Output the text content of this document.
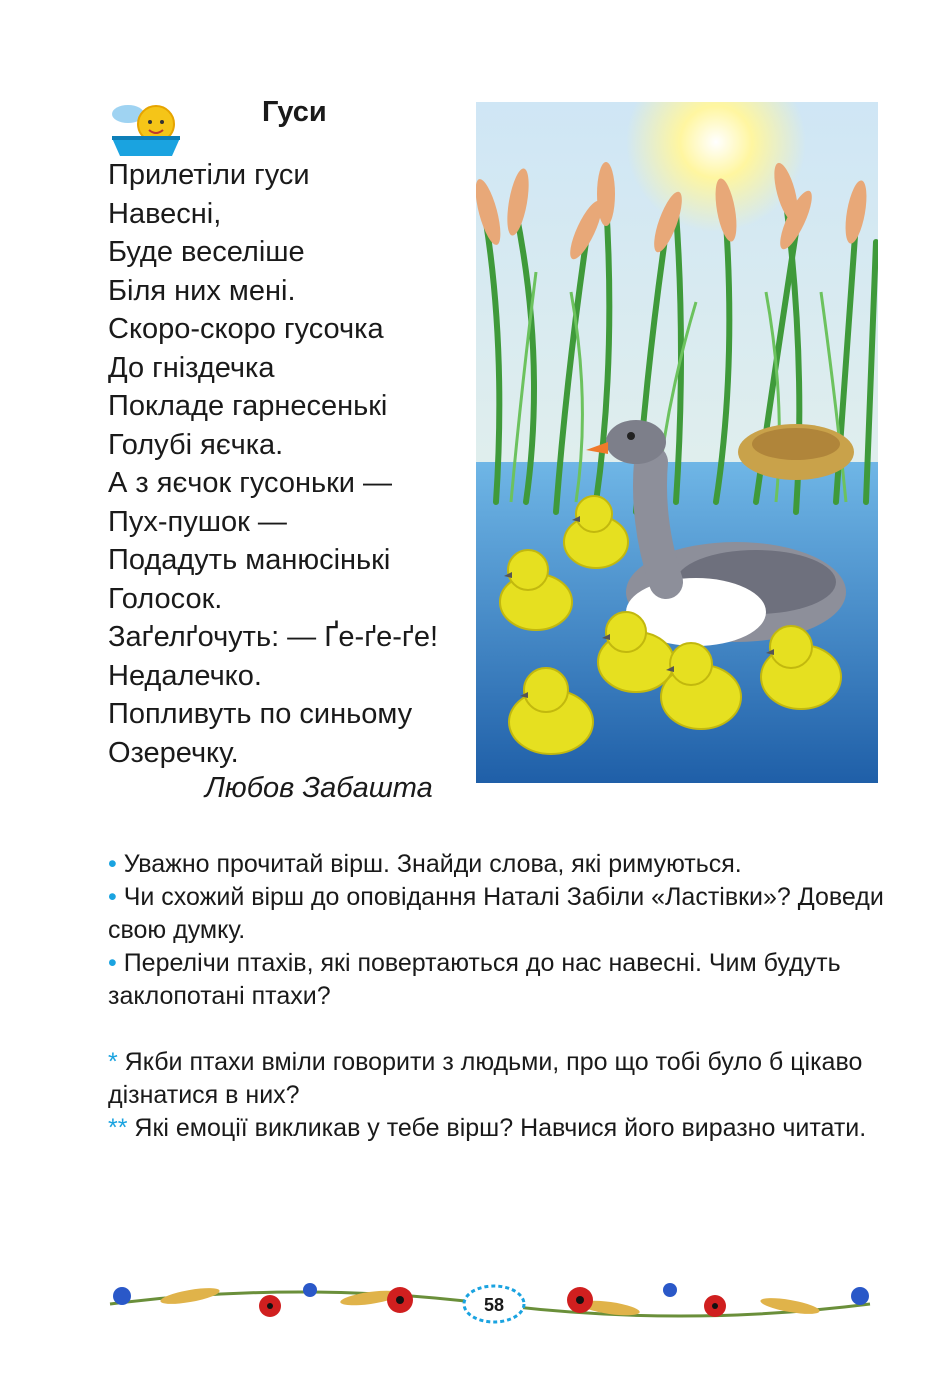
Гуси
Прилетіли гуси
Навесні,
Буде веселіше
Біля них мені.
Скоро-скоро гусочка
До гніздечка
Покладе гарнесенькі
Голубі яєчка.
А з яєчок гусоньки —
Пух-пушок —
Подадуть манюсінькі
Голосок.
Заґелґочуть: — Ґе-ґе-ґе!
Недалечко.
Попливуть по синьому
Озеречку.
Любов Забашта

• Уважно прочитай вірш. Знайди слова, які римуються.

• Чи схожий вірш до оповідання Наталі Забіли «Ластівки»? Доведи свою думку.

• Перелічи птахів, які повертаються до нас навесні. Чим будуть заклопотані птахи?

* Якби птахи вміли говорити з людьми, про що тобі було б цікаво дізнатися в них?

** Які емоції викликав у тебе вірш? Навчися його виразно читати.

58
